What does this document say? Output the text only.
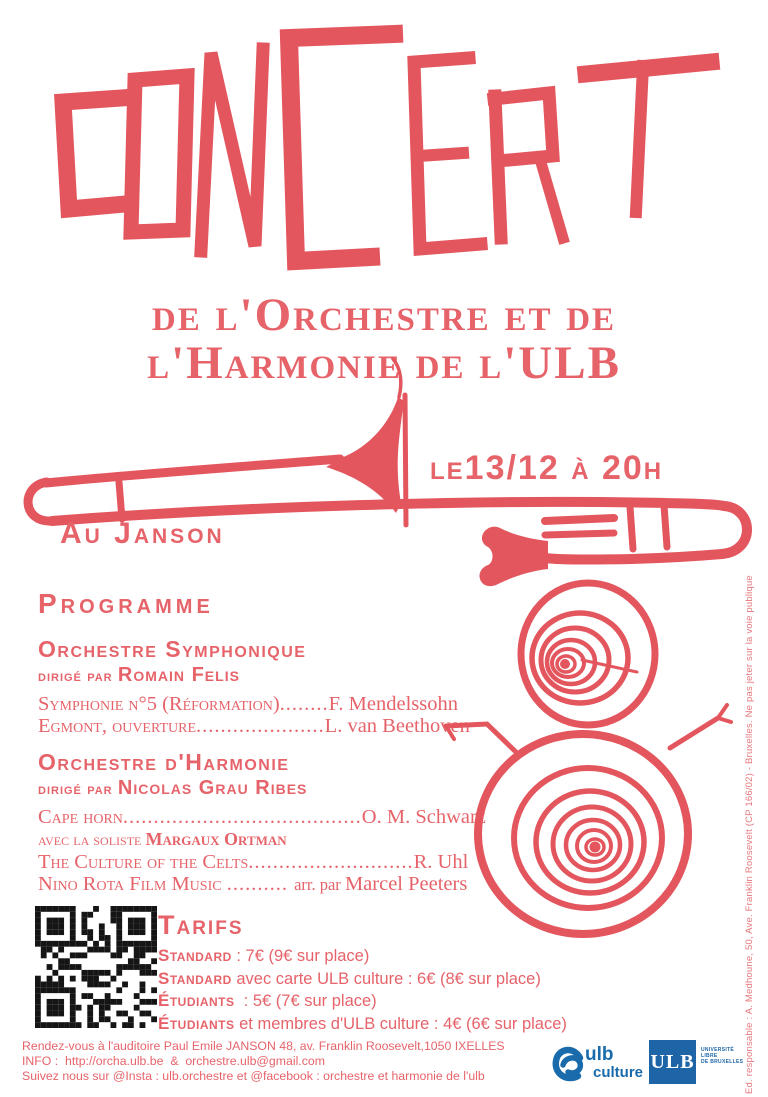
de l'Orchestre et de
l'Harmonie de l'ULB
le13/12 à 20h
Au Janson
Programme
Orchestre Symphonique
dirigé par Romain Felis
Symphonie n°5 (Réformation)........F. Mendelssohn
Egmont, ouverture.....................L. van Beethoven
Orchestre d'Harmonie
dirigé par Nicolas Grau Ribes
Cape horn.......................................O. M. Schwarz
avec la soliste Margaux Ortman
The Culture of the Celts...........................R. Uhl
Nino Rota Film Music .......... arr. par Marcel Peeters
Tarifs
Standard : 7€ (9€ sur place)
Standard avec carte ULB culture : 6€ (8€ sur place)
Étudiants  : 5€ (7€ sur place)
Étudiants et membres d'ULB culture : 4€ (6€ sur place)
Rendez-vous à l'auditoire Paul Emile JANSON 48, av. Franklin Roosevelt,1050 IXELLES
INFO :  http://orcha.ulb.be  &  orchestre.ulb@gmail.com
Suivez nous sur @Insta : ulb.orchestre et @facebook : orchestre et harmonie de l'ulb
ulb
culture ULB
UNIVERSITÉ
LIBRE
DE BRUXELLES Ed. responsable : A. Medhoune, 50, Ave. Franklin Roosevelt (CP 166/02) - Bruxelles. Ne pas jeter sur la voie publique
